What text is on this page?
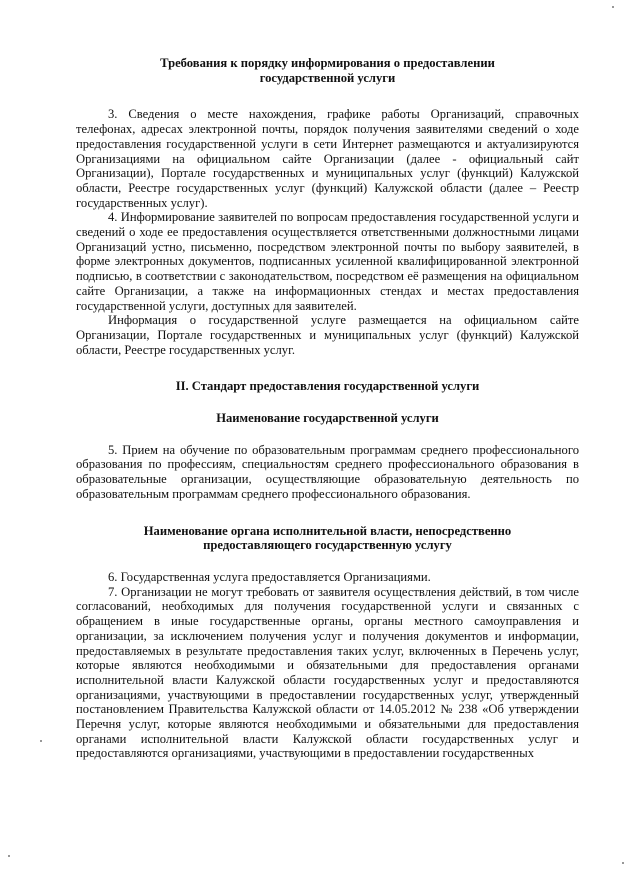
Требования к порядку информирования о предоставлении

государственной услуги

3. Сведения о месте нахождения, графике работы Организаций, справочных телефонах, адресах электронной почты, порядок получения заявителями сведений о ходе предоставления государственной услуги в сети Интернет размещаются и актуализируются Организациями на официальном сайте Организации (далее - официальный сайт Организации), Портале государственных и муниципальных услуг (функций) Калужской области, Реестре государственных услуг (функций) Калужской области (далее – Реестр государственных услуг).

4. Информирование заявителей по вопросам предоставления государственной услуги и сведений о ходе ее предоставления осуществляется ответственными должностными лицами Организаций устно, письменно, посредством электронной почты по выбору заявителей, в форме электронных документов, подписанных усиленной квалифицированной электронной подписью, в соответствии с законодательством, посредством её размещения на официальном сайте Организации, а также на информационных стендах и местах предоставления государственной услуги, доступных для заявителей.

Информация о государственной услуге размещается на официальном сайте Организации, Портале государственных и муниципальных услуг (функций) Калужской области, Реестре государственных услуг.

II. Стандарт предоставления государственной услуги

Наименование государственной услуги

5. Прием на обучение по образовательным программам среднего профессионального образования по профессиям, специальностям среднего профессионального образования в образовательные организации, осуществляющие образовательную деятельность по образовательным программам среднего профессионального образования.

Наименование органа исполнительной власти, непосредственно

предоставляющего государственную услугу

6. Государственная услуга предоставляется Организациями.

7. Организации не могут требовать от заявителя осуществления действий, в том числе согласований, необходимых для получения государственной услуги и связанных с обращением в иные государственные органы, органы местного самоуправления и организации, за исключением получения услуг и получения документов и информации, предоставляемых в результате предоставления таких услуг, включенных в Перечень услуг, которые являются необходимыми и обязательными для предоставления органами исполнительной власти Калужской области государственных услуг и предоставляются организациями, участвующими в предоставлении государственных услуг, утвержденный постановлением Правительства Калужской области от 14.05.2012 № 238 «Об утверждении Перечня услуг, которые являются необходимыми и обязательными для предоставления органами исполнительной власти Калужской области государственных услуг и предоставляются организациями, участвующими в предоставлении государственных
